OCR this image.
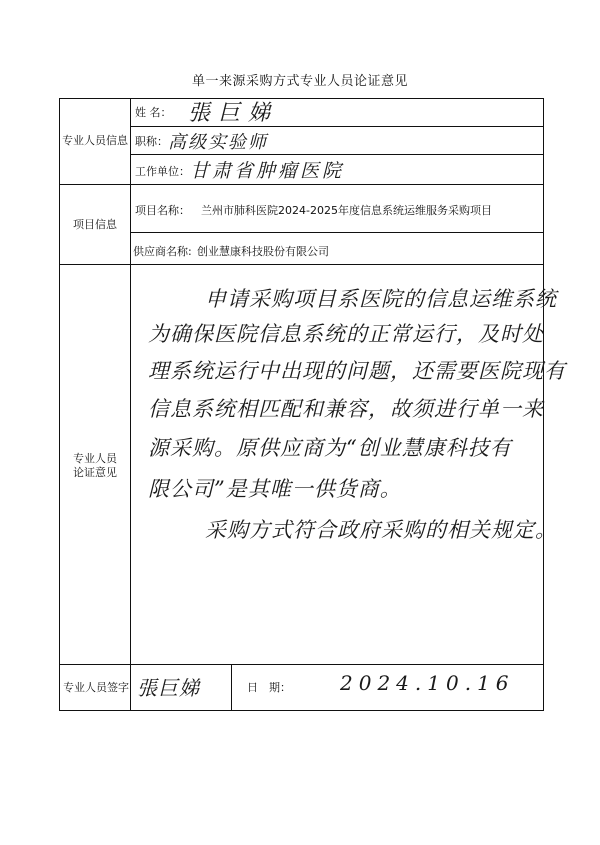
单一来源采购方式专业人员论证意见
专业人员信息
项目信息
专业人员论证意见
专业人员签字
姓 名： 張巨娣
职称： 高级实验师
工作单位： 甘肃省肿瘤医院
项目名称： 兰州市肺科医院2024-2025年度信息系统运维服务采购项目
供应商名称: 创业慧康科技股份有限公司
申请采购项目系医院的信息运维系统
为确保医院信息系统的正常运行，及时处
理系统运行中出现的问题，还需要医院现有
信息系统相匹配和兼容，故须进行单一来
源采购。原供应商为“创业慧康科技有
限公司”是其唯一供货商。
采购方式符合政府采购的相关规定。
張巨娣	日　期： 2024.10.16
